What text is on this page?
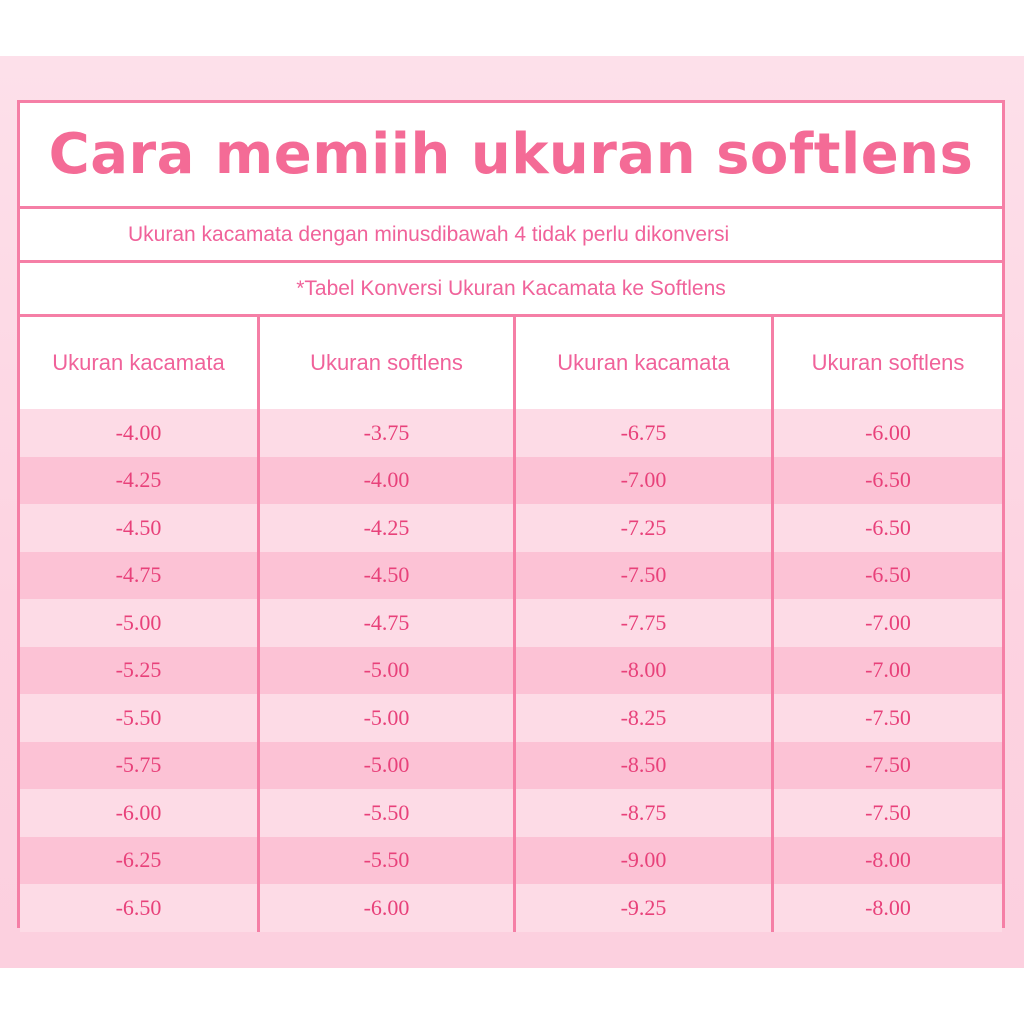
Cara memiih ukuran softlens
Ukuran kacamata dengan minusdibawah 4 tidak perlu dikonversi
*Tabel Konversi Ukuran Kacamata ke Softlens
Ukuran kacamata	Ukuran softlens	Ukuran kacamata	Ukuran softlens
-4.00	-3.75	-6.75	-6.00
-4.25	-4.00	-7.00	-6.50
-4.50	-4.25	-7.25	-6.50
-4.75	-4.50	-7.50	-6.50
-5.00	-4.75	-7.75	-7.00
-5.25	-5.00	-8.00	-7.00
-5.50	-5.00	-8.25	-7.50
-5.75	-5.00	-8.50	-7.50
-6.00	-5.50	-8.75	-7.50
-6.25	-5.50	-9.00	-8.00
-6.50	-6.00	-9.25	-8.00
